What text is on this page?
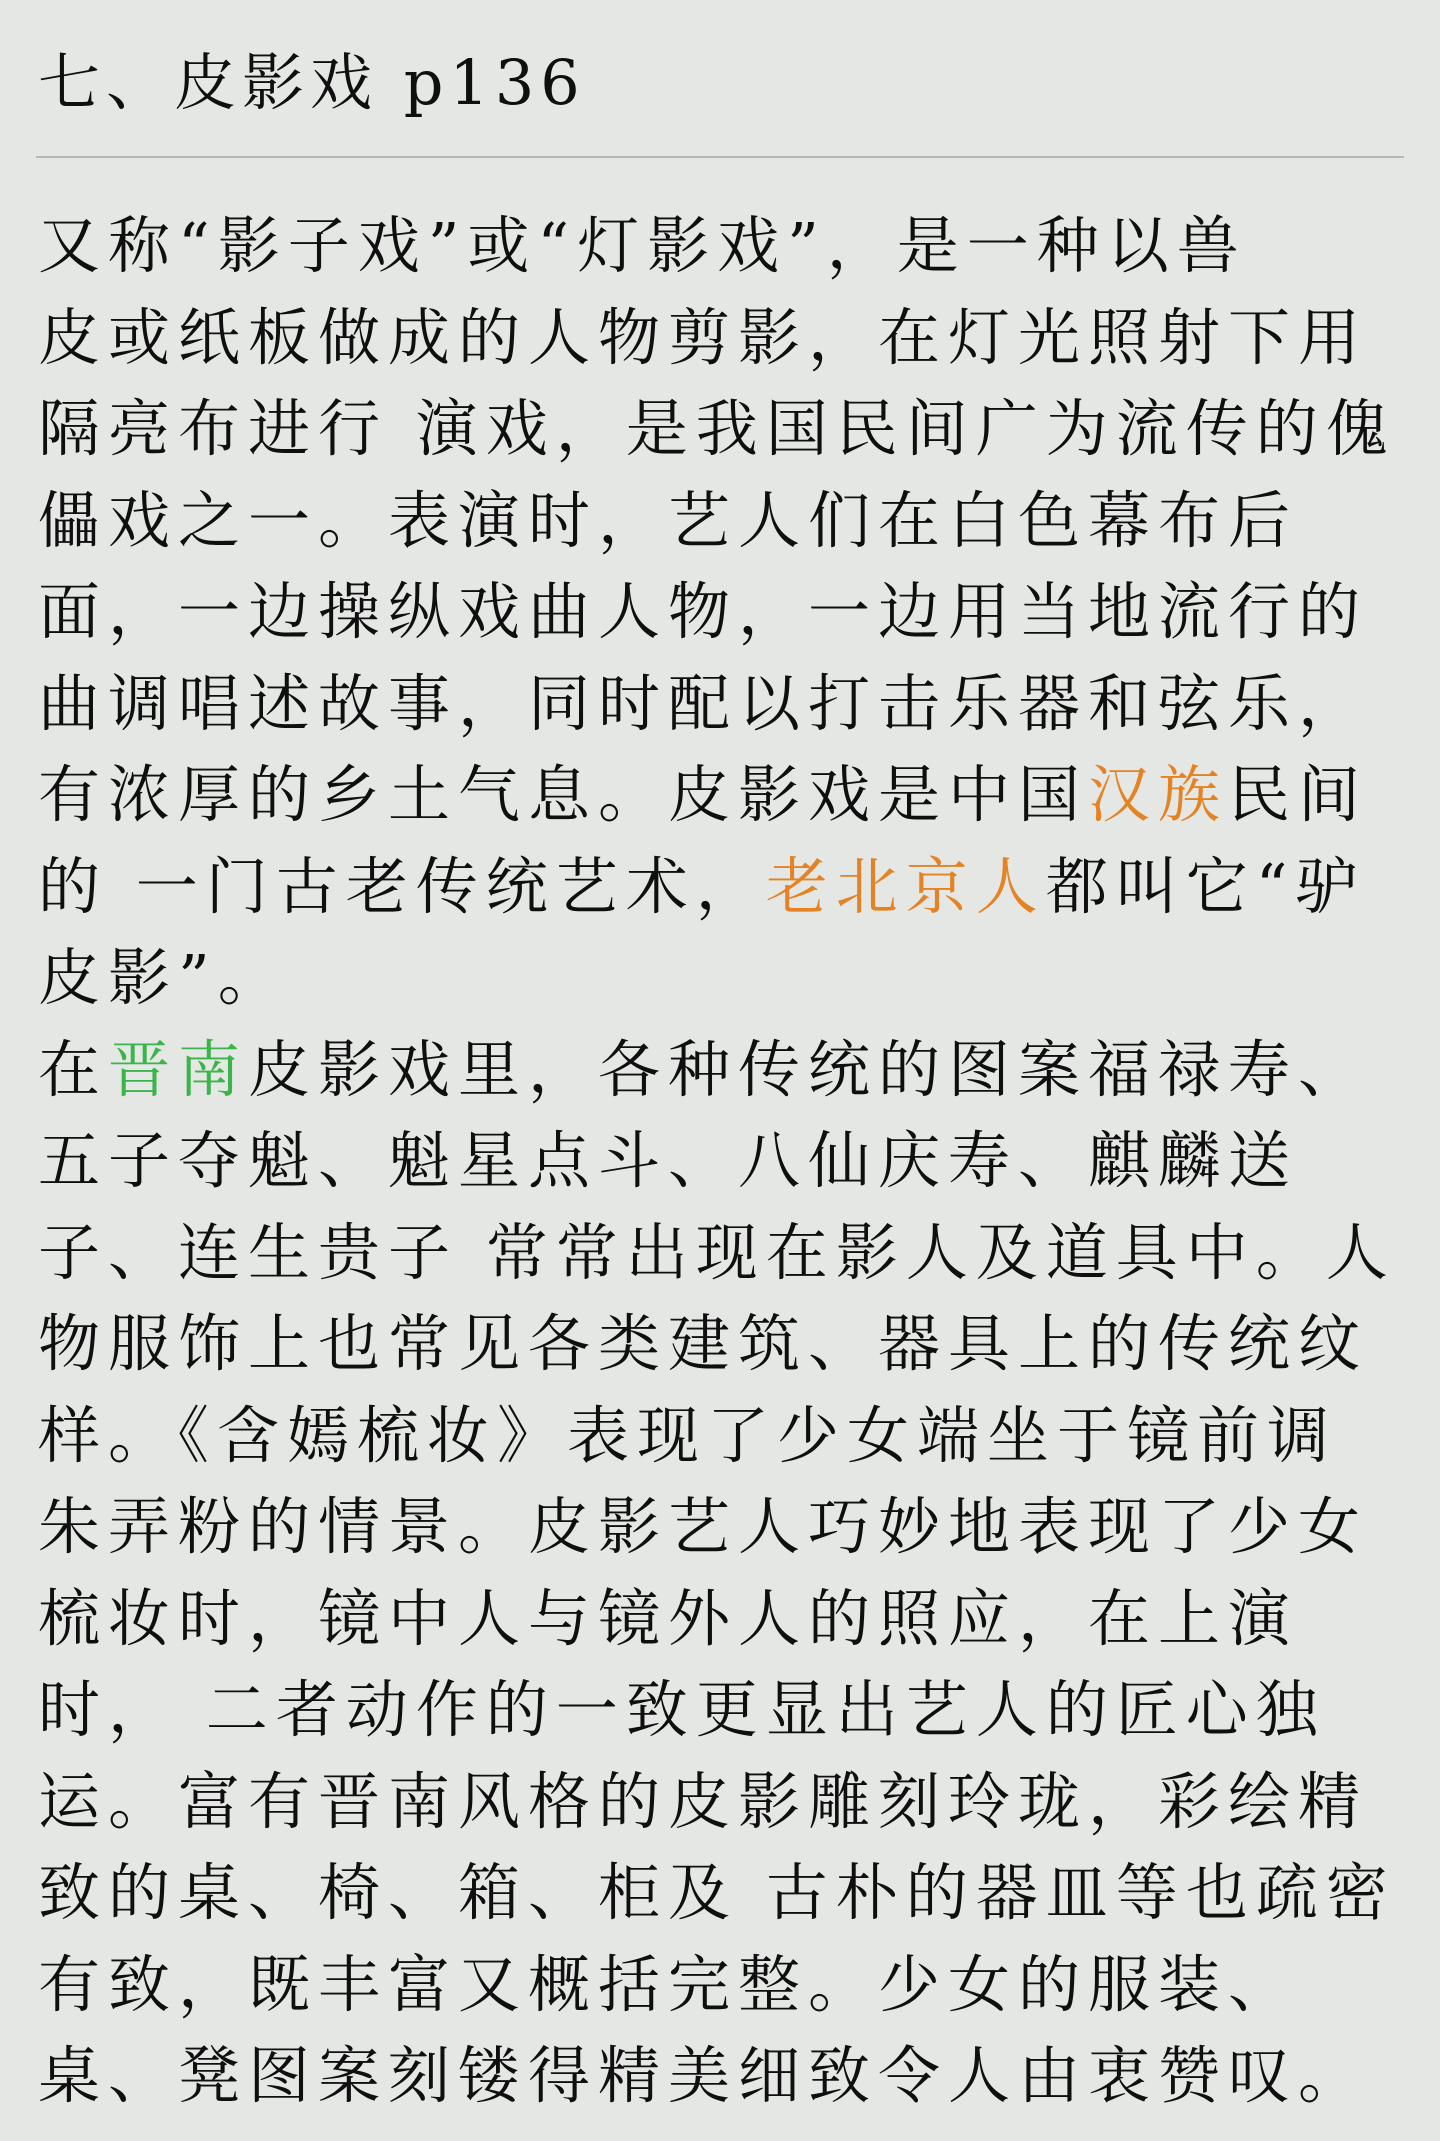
七、皮影戏 p136
又称“影子戏”或“灯影戏”，是一种以兽
皮或纸板做成的人物剪影，在灯光照射下用
隔亮布进行 演戏，是我国民间广为流传的傀
儡戏之一。表演时，艺人们在白色幕布后
面，一边操纵戏曲人物，一边用当地流行的
曲调唱述故事，同时配以打击乐器和弦乐，
有浓厚的乡土气息。皮影戏是中国汉族民间
的 一门古老传统艺术，老北京人都叫它“驴
皮影”。
在晋南皮影戏里，各种传统的图案福禄寿、
五子夺魁、魁星点斗、八仙庆寿、麒麟送
子、连生贵子 常常出现在影人及道具中。人
物服饰上也常见各类建筑、器具上的传统纹
样。《含嫣梳妆》表现了少女端坐于镜前调
朱弄粉的情景。皮影艺人巧妙地表现了少女
梳妆时，镜中人与镜外人的照应，在上演
时， 二者动作的一致更显出艺人的匠心独
运。富有晋南风格的皮影雕刻玲珑，彩绘精
致的桌、椅、箱、柜及 古朴的器皿等也疏密
有致，既丰富又概括完整。少女的服装、
桌、凳图案刻镂得精美细致令人由衷赞叹。
